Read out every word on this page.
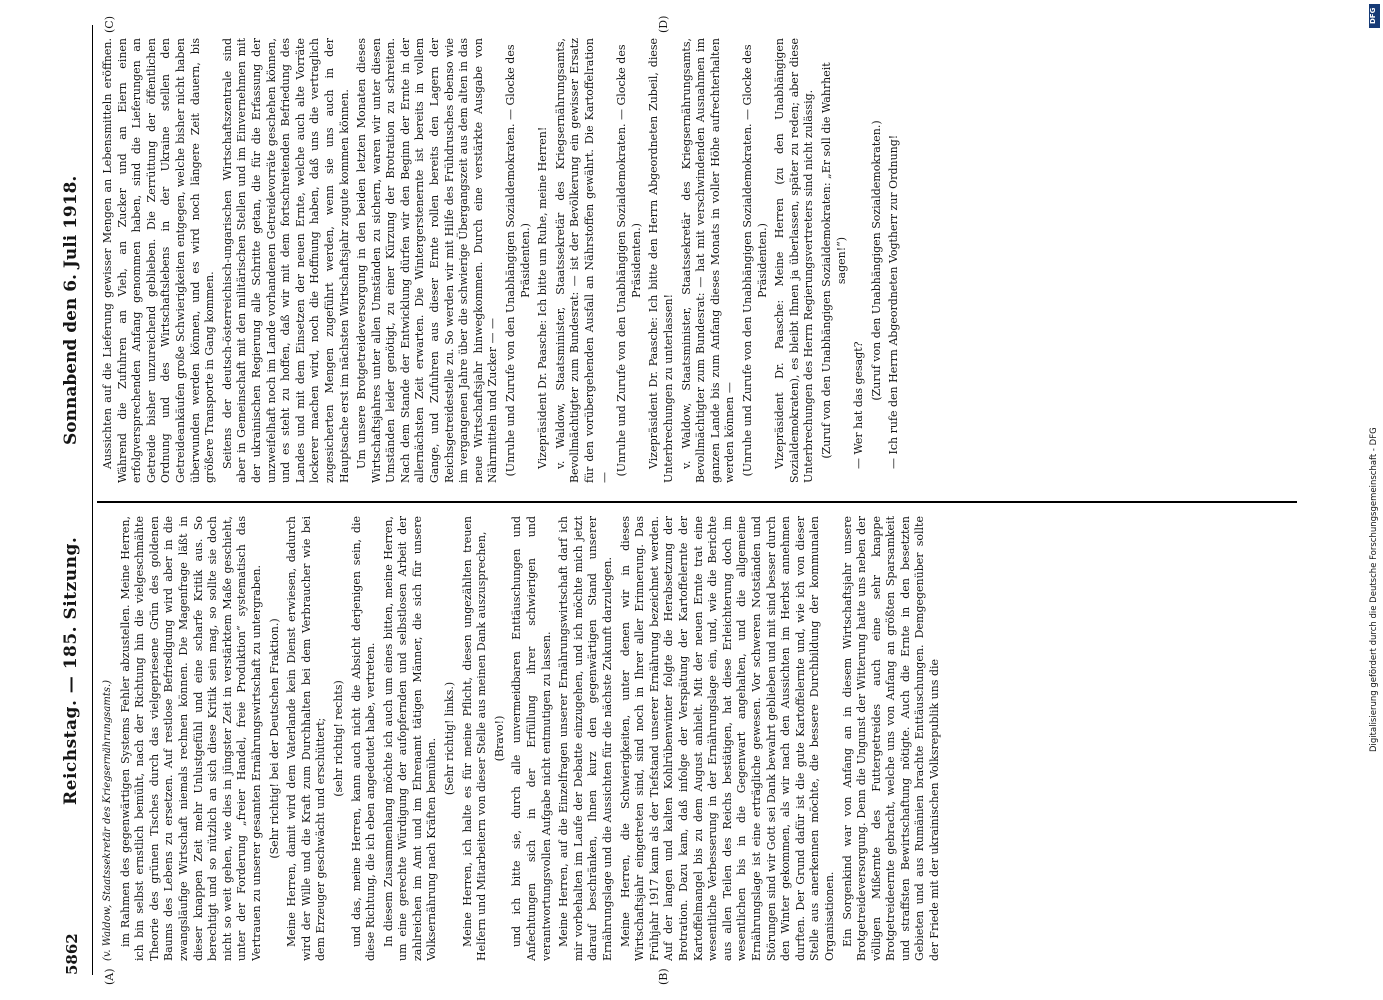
5862
Reichstag. — 185. Sitzung.
Sonnabend den 6. Juli 1918.
(A)	(B)
(C)	(D)

(v. Waldow, Staatssekretär des Kriegsernährungsamts.) im Rahmen des gegenwärtigen Systems Fehler abzustellen. Meine Herren, ich bin selbst ernstlich bemüht, nach der Richtung hin die vielgeschmähte Theorie des grünen Tisches durch das vielgepriesene Grün des goldenen Baums des Lebens zu ersetzen. Auf restlose Befriedigung wird aber in die zwangsläufige Wirtschaft niemals rechnen können. Die Magenfrage läßt in dieser knappen Zeit mehr Unlustgefühl und eine scharfe Kritik aus. So berechtigt und so nützlich an sich diese Kritik sein mag, so sollte sie doch nicht so weit gehen, wie dies in jüngster Zeit in verstärktem Maße geschieht, unter der Forderung „freier Handel, freie Produktion“ systematisch das Vertrauen zu unserer gesamten Ernährungswirtschaft zu untergraben. (Sehr richtig! bei der Deutschen Fraktion.) Meine Herren, damit wird dem Vaterlande kein Dienst erwiesen, dadurch wird der Wille und die Kraft zum Durchhalten bei dem Verbraucher wie bei dem Erzeuger geschwächt und erschüttert; (sehr richtig! rechts) und das, meine Herren, kann auch nicht die Absicht derjenigen sein, die diese Richtung, die ich eben angedeutet habe, vertreten. In diesem Zusammenhang möchte ich auch um eines bitten, meine Herren, um eine gerechte Würdigung der aufopfernden und selbstlosen Arbeit der zahlreichen im Amt und im Ehrenamt tätigen Männer, die sich für unsere Volksernährung nach Kräften bemühen. (Sehr richtig! links.) Meine Herren, ich halte es für meine Pflicht, diesen ungezählten treuen Helfern und Mitarbeitern von dieser Stelle aus meinen Dank auszusprechen, (Bravo!) und ich bitte sie, durch alle unvermeidbaren Enttäuschungen und Anfechtungen sich in der Erfüllung ihrer schwierigen und verantwortungsvollen Aufgabe nicht entmutigen zu lassen. Meine Herren, auf die Einzelfragen unserer Ernährungswirtschaft darf ich mir vorbehalten im Laufe der Debatte einzugehen, und ich möchte mich jetzt darauf beschränken, Ihnen kurz den gegenwärtigen Stand unserer Ernährungslage und die Aussichten für die nächste Zukunft darzulegen. Meine Herren, die Schwierigkeiten, unter denen wir in dieses Wirtschaftsjahr eingetreten sind, sind noch in Ihrer aller Erinnerung. Das Frühjahr 1917 kann als der Tiefstand unserer Ernährung bezeichnet werden. Auf der langen und kalten Kohlrübenwinter folgte die Herabsetzung der Brotration. Dazu kam, daß infolge der Verspätung der Kartoffelernte der Kartoffelmangel bis zu dem August anhielt. Mit der neuen Ernte trat eine wesentliche Verbesserung in der Ernährungslage ein, und, wie die Berichte aus allen Teilen des Reichs bestätigen, hat diese Erleichterung doch im wesentlichen bis in die Gegenwart angehalten, und die allgemeine Ernährungslage ist eine erträgliche gewesen. Vor schweren Notständen und Störungen sind wir Gott sei Dank bewahrt geblieben und mit sind besser durch den Winter gekommen, als wir nach den Aussichten im Herbst annehmen durften. Der Grund dafür ist die gute Kartoffelernte und, wie ich von dieser Stelle aus anerkennen möchte, die bessere Durchbildung der kommunalen Organisationen. Ein Sorgenkind war von Anfang an in diesem Wirtschaftsjahr unsere Brotgetreideversorgung. Denn die Ungunst der Witterung hatte uns neben der völligen Mißernte des Futtergetreides auch eine sehr knappe Brotgetreideernte gebracht, welche uns von Anfang an größten Sparsamkeit und straffsten Bewirtschaftung nötigte. Auch die Ernte in den besetzten Gebieten und aus Rumänien brachte Enttäuschungen. Demgegenüber sollte der Friede mit der ukrainischen Volksrepublik uns die

Aussichten auf die Lieferung gewisser Mengen an Lebensmitteln eröffnen. Während die Zufuhren an Vieh, an Zucker und an Eiern einen erfolgversprechenden Anfang genommen haben, sind die Lieferungen an Getreide bisher unzureichend geblieben. Die Zerrüttung der öffentlichen Ordnung und des Wirtschaftslebens in der Ukraine stellen den Getreideankäufen große Schwierigkeiten entgegen, welche bisher nicht haben überwunden werden können, und es wird noch längere Zeit dauern, bis größere Transporte in Gang kommen. Seitens der deutsch-österreichisch-ungarischen Wirtschaftszentrale sind aber in Gemeinschaft mit den militärischen Stellen und im Einvernehmen mit der ukrainischen Regierung alle Schritte getan, die für die Erfassung der unzweifelhaft noch im Lande vorhandenen Getreidevorräte geschehen können, und es steht zu hoffen, daß wir mit dem fortschreitenden Befriedung des Landes und mit dem Einsetzen der neuen Ernte, welche auch alte Vorräte lockerer machen wird, noch die Hoffnung haben, daß uns die vertraglich zugesicherten Mengen zugeführt werden, wenn sie uns auch in der Hauptsache erst im nächsten Wirtschaftsjahr zugute kommen können. Um unsere Brotgetreideversorgung in den beiden letzten Monaten dieses Wirtschaftsjahres unter allen Umständen zu sichern, waren wir unter diesen Umständen leider genötigt, zu einer Kürzung der Brotration zu schreiten. Nach dem Stande der Entwicklung dürfen wir den Beginn der Ernte in der allernächsten Zeit erwarten. Die Wintergerstenernte ist bereits in vollem Gange, und Zufuhren aus dieser Ernte rollen bereits den Lagern der Reichsgetreidestelle zu. So werden wir mit Hilfe des Frühdrusches ebenso wie im vergangenen Jahre über die schwierige Übergangszeit aus dem alten in das neue Wirtschaftsjahr hinwegkommen. Durch eine verstärkte Ausgabe von Nährmitteln und Zucker — — (Unruhe und Zurufe von den Unabhängigen Sozialdemokraten. — Glocke des Präsidenten.) Vizepräsident Dr. Paasche: Ich bitte um Ruhe, meine Herren! v. Waldow, Staatsminister, Staatssekretär des Kriegsernährungsamts, Bevollmächtigter zum Bundesrat: — ist der Bevölkerung ein gewisser Ersatz für den vorübergehenden Ausfall an Nährstoffen gewährt. Die Kartoffelration —

(Unruhe und Zurufe von den Unabhängigen Sozialdemokraten. — Glocke des Präsidenten.) Vizepräsident Dr. Paasche: Ich bitte den Herrn Abgeordneten Zubeil, diese Unterbrechungen zu unterlassen! v. Waldow, Staatsminister, Staatssekretär des Kriegsernährungsamts, Bevollmächtigter zum Bundesrat: — hat mit verschwindenden Ausnahmen im ganzen Lande bis zum Anfang dieses Monats in voller Höhe aufrechterhalten werden können — (Unruhe und Zurufe von den Unabhängigen Sozialdemokraten. — Glocke des Präsidenten.) Vizepräsident Dr. Paasche: Meine Herren (zu den Unabhängigen Sozialdemokraten), es bleibt Ihnen ja überlassen, später zu reden; aber diese Unterbrechungen des Herrn Regierungsvertreters sind nicht zulässig. (Zuruf von den Unabhängigen Sozialdemokraten: „Er soll die Wahrheit sagen!“)

— Wer hat das gesagt?

(Zuruf von den Unabhängigen Sozialdemokraten.) — Ich rufe den Herrn Abgeordneten Vogtherr zur Ordnung!

DFG
Digitalisierung gefördert durch die Deutsche Forschungsgemeinschaft - DFG
